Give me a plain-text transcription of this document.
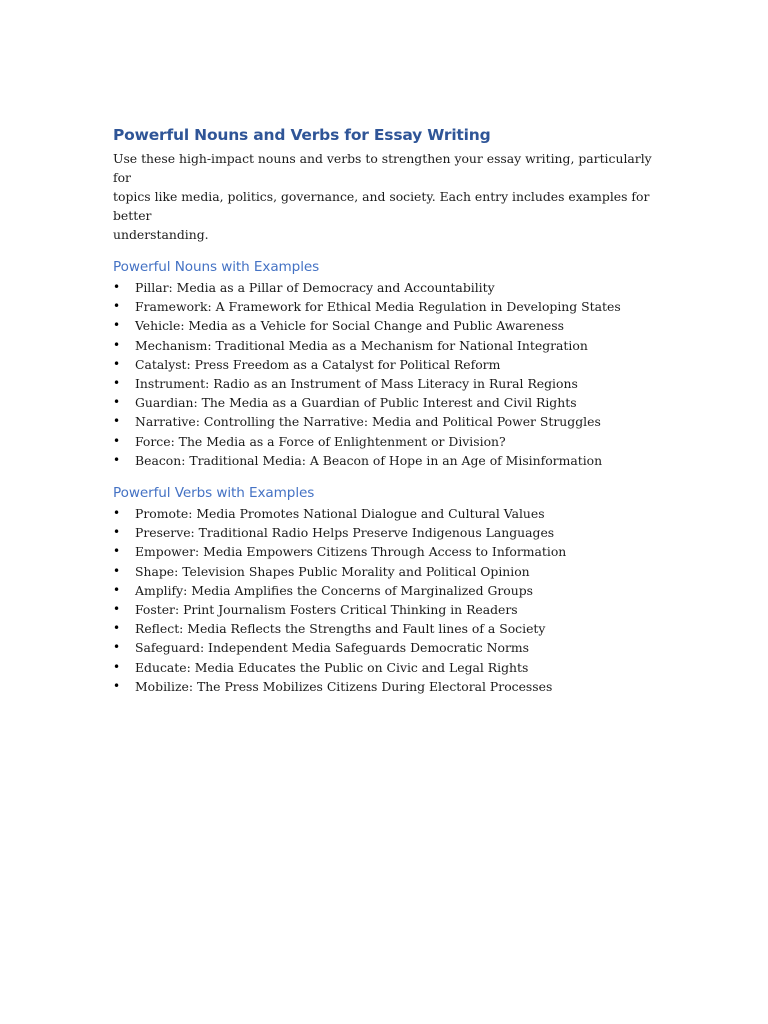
Powerful Nouns and Verbs for Essay Writing

Use these high-impact nouns and verbs to strengthen your essay writing, particularly for
topics like media, politics, governance, and society. Each entry includes examples for better
understanding.

Powerful Nouns with Examples
• Pillar: Media as a Pillar of Democracy and Accountability
• Framework: A Framework for Ethical Media Regulation in Developing States
• Vehicle: Media as a Vehicle for Social Change and Public Awareness
• Mechanism: Traditional Media as a Mechanism for National Integration
• Catalyst: Press Freedom as a Catalyst for Political Reform
• Instrument: Radio as an Instrument of Mass Literacy in Rural Regions
• Guardian: The Media as a Guardian of Public Interest and Civil Rights
• Narrative: Controlling the Narrative: Media and Political Power Struggles
• Force: The Media as a Force of Enlightenment or Division?
• Beacon: Traditional Media: A Beacon of Hope in an Age of Misinformation
Powerful Verbs with Examples
• Promote: Media Promotes National Dialogue and Cultural Values
• Preserve: Traditional Radio Helps Preserve Indigenous Languages
• Empower: Media Empowers Citizens Through Access to Information
• Shape: Television Shapes Public Morality and Political Opinion
• Amplify: Media Amplifies the Concerns of Marginalized Groups
• Foster: Print Journalism Fosters Critical Thinking in Readers
• Reflect: Media Reflects the Strengths and Fault lines of a Society
• Safeguard: Independent Media Safeguards Democratic Norms
• Educate: Media Educates the Public on Civic and Legal Rights
• Mobilize: The Press Mobilizes Citizens During Electoral Processes
